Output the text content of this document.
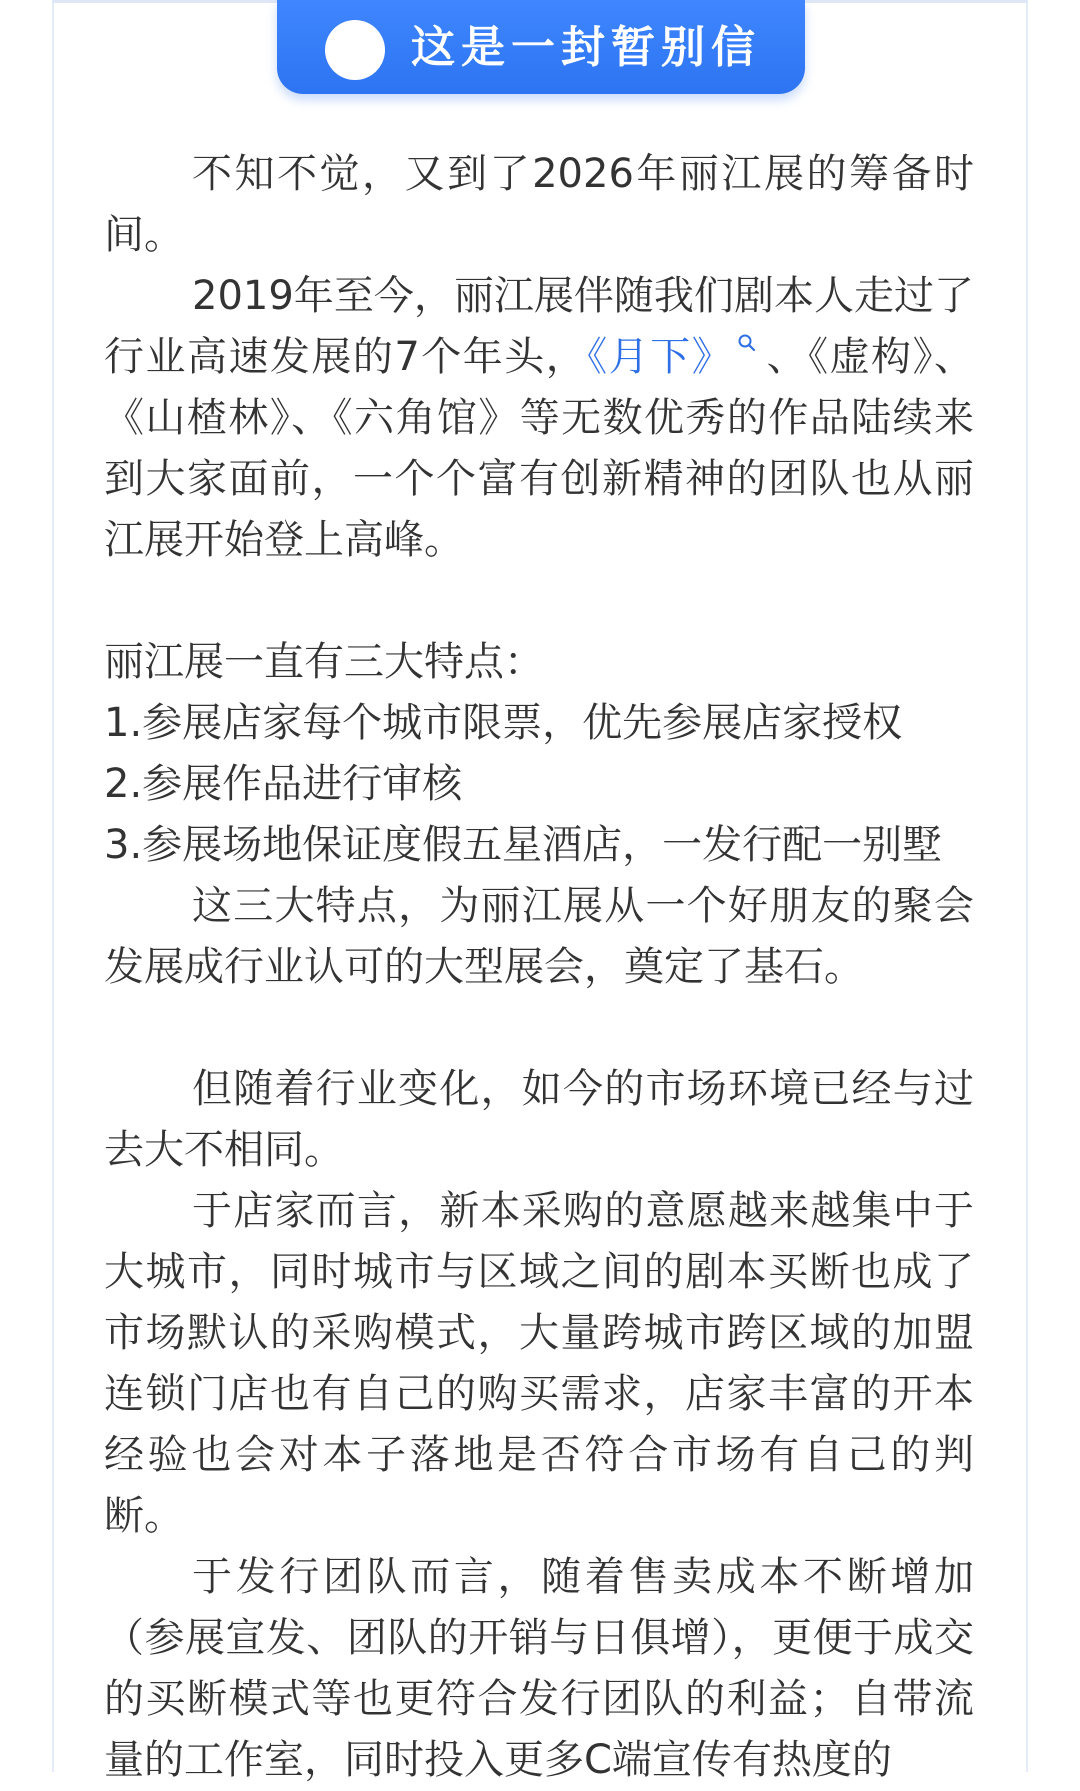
这是一封暂别信

不知不觉，又到了2026年丽江展的筹备时间。

2019年至今，丽江展伴随我们剧本人走过了行业高速发展的7个年头，《月下》 、《虚构》、《山楂林》、《六角馆》等无数优秀的作品陆续来到大家面前，一个个富有创新精神的团队也从丽江展开始登上高峰。

丽江展一直有三大特点：

1.参展店家每个城市限票，优先参展店家授权

2.参展作品进行审核

3.参展场地保证度假五星酒店，一发行配一别墅

这三大特点，为丽江展从一个好朋友的聚会发展成行业认可的大型展会，奠定了基石。

但随着行业变化，如今的市场环境已经与过去大不相同。

于店家而言，新本采购的意愿越来越集中于大城市，同时城市与区域之间的剧本买断也成了市场默认的采购模式，大量跨城市跨区域的加盟连锁门店也有自己的购买需求，店家丰富的开本经验也会对本子落地是否符合市场有自己的判断。

于发行团队而言，随着售卖成本不断增加（参展宣发、团队的开销与日俱增），更便于成交的买断模式等也更符合发行团队的利益；自带流量的工作室，同时投入更多C端宣传有热度的
